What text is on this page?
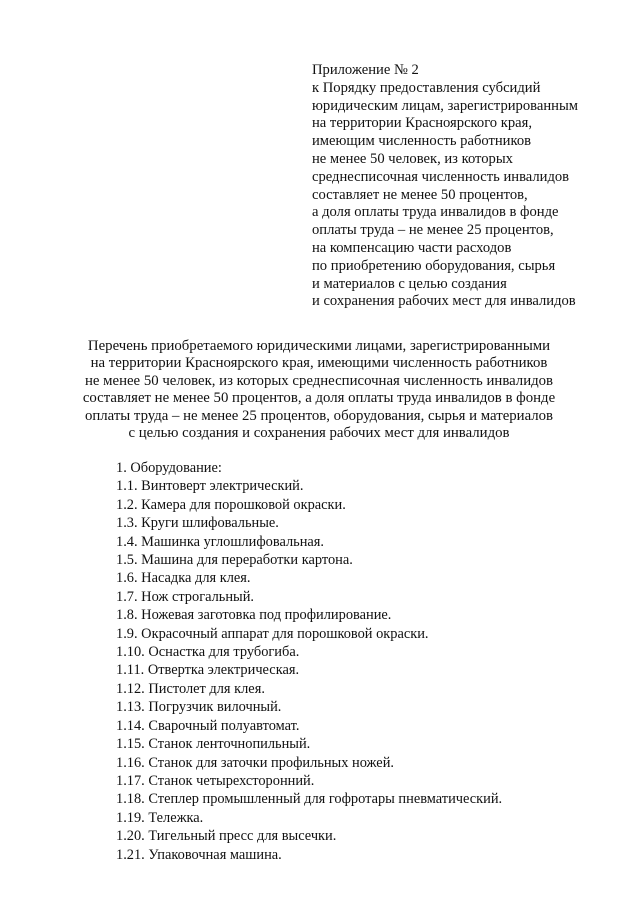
Приложение № 2
к Порядку предоставления субсидий
юридическим лицам, зарегистрированным
на территории Красноярского края,
имеющим численность работников
не менее 50 человек, из которых
среднесписочная численность инвалидов
составляет не менее 50 процентов,
а доля оплаты труда инвалидов в фонде
оплаты труда – не менее 25 процентов,
на компенсацию части расходов
по приобретению оборудования, сырья
и материалов с целью создания
и сохранения рабочих мест для инвалидов
Перечень приобретаемого юридическими лицами, зарегистрированными
на территории Красноярского края, имеющими численность работников
не менее 50 человек, из которых среднесписочная численность инвалидов
составляет не менее 50 процентов, а доля оплаты труда инвалидов в фонде
оплаты труда – не менее 25 процентов, оборудования, сырья и материалов
с целью создания и сохранения рабочих мест для инвалидов
1. Оборудование:
1.1. Винтоверт электрический.
1.2. Камера для порошковой окраски.
1.3. Круги шлифовальные.
1.4. Машинка углошлифовальная.
1.5. Машина для переработки картона.
1.6. Насадка для клея.
1.7. Нож строгальный.
1.8. Ножевая заготовка под профилирование.
1.9. Окрасочный аппарат для порошковой окраски.
1.10. Оснастка для трубогиба.
1.11. Отвертка электрическая.
1.12. Пистолет для клея.
1.13. Погрузчик вилочный.
1.14. Сварочный полуавтомат.
1.15. Станок ленточнопильный.
1.16. Станок для заточки профильных ножей.
1.17. Станок четырехсторонний.
1.18. Степлер промышленный для гофротары пневматический.
1.19. Тележка.
1.20. Тигельный пресс для высечки.
1.21. Упаковочная машина.
